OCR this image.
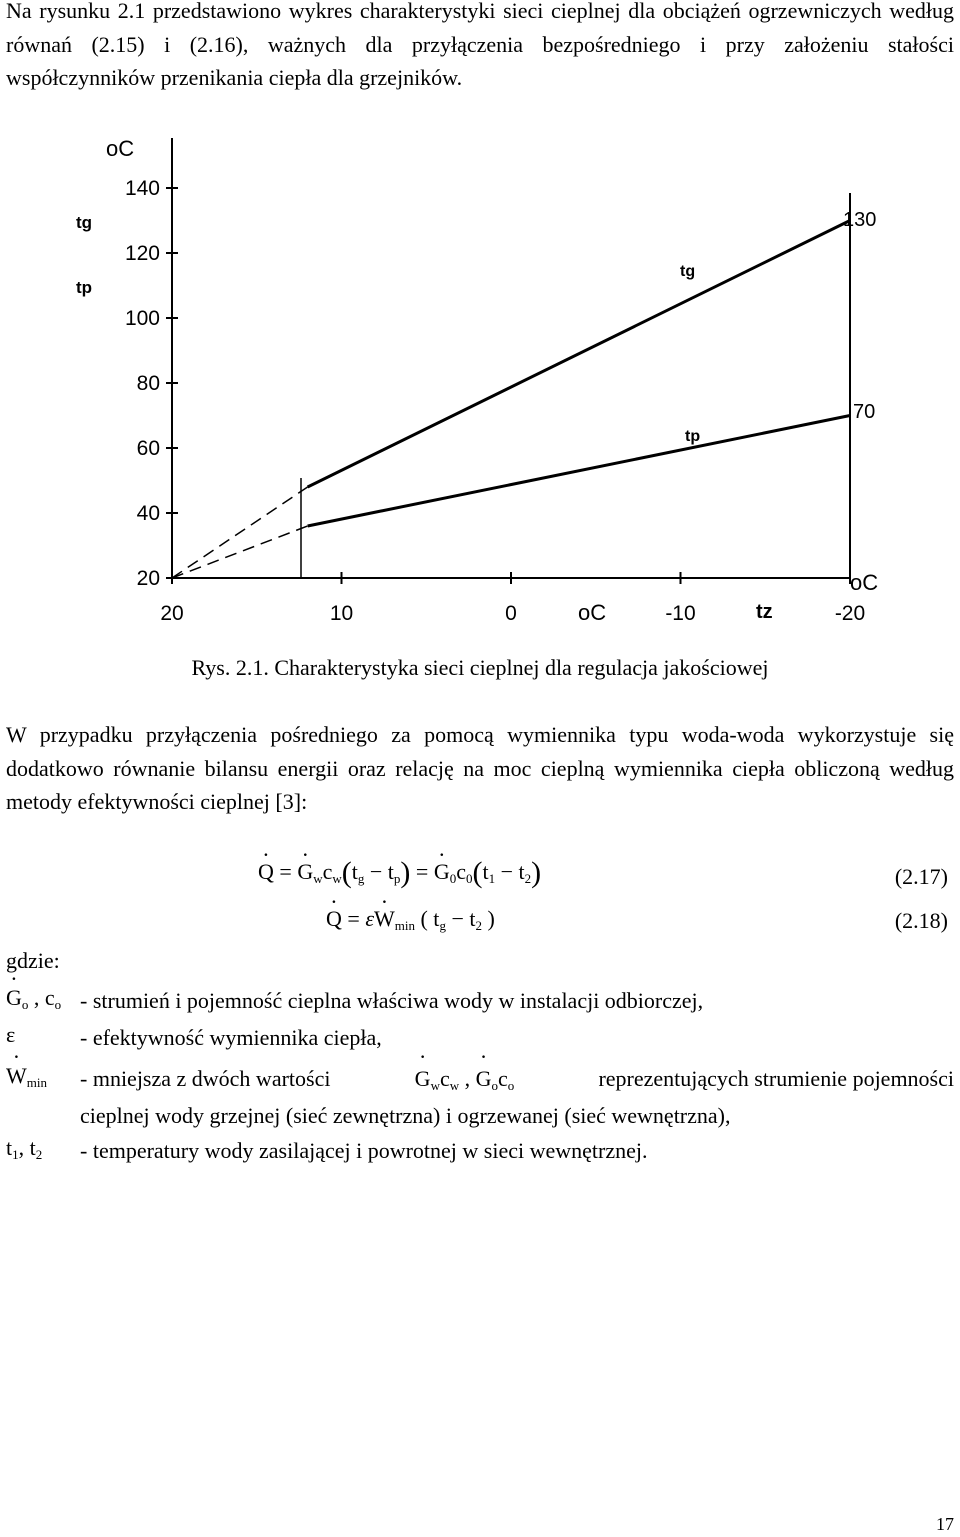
Na rysunku 2.1 przedstawiono wykres charakterystyki sieci cieplnej dla obciążeń ogrzewniczych według równań (2.15) i (2.16), ważnych dla przyłączenia bezpośredniego i przy założeniu stałości współczynników przenikania ciepła dla grzejników.

oC
tg
tp
oC	tz
oC
130
70
tg
tp
20
40
60
80
100
120
140
20	10	0	-10	-20
Rys. 2.1. Charakterystyka sieci cieplnej dla regulacja jakościowej

W przypadku przyłączenia pośredniego za pomocą wymiennika typu woda-woda wykorzystuje się dodatkowo równanie bilansu energii oraz relację na moc cieplną wymiennika ciepła obliczoną według metody efektywności cieplnej [3]:

· Q = · $G_wc_w(t_g - t_p)$ = · $G_0c_0(t_1 - t_2)$	(2.17)
· $Q = \varepsilon\cdot W_{min}$ ( $t_g - t_2$ )	(2.18)
gdzie:
· $G_o$ , $c_o$ - strumień i pojemność cieplna właściwa wody w instalacji odbiorczej,
ε	- efektywność wymiennika ciepła,
· $W_{min}$ - mniejsza z dwóch wartości
·	$G_wc_w$ , · $G_oc_o$	reprezentujących strumienie pojemności
cieplnej wody grzejnej (sieć zewnętrzna) i ogrzewanej (sieć wewnętrzna),
$t_1$, $t_2$ - temperatury wody zasilającej i powrotnej w sieci wewnętrznej.
17
